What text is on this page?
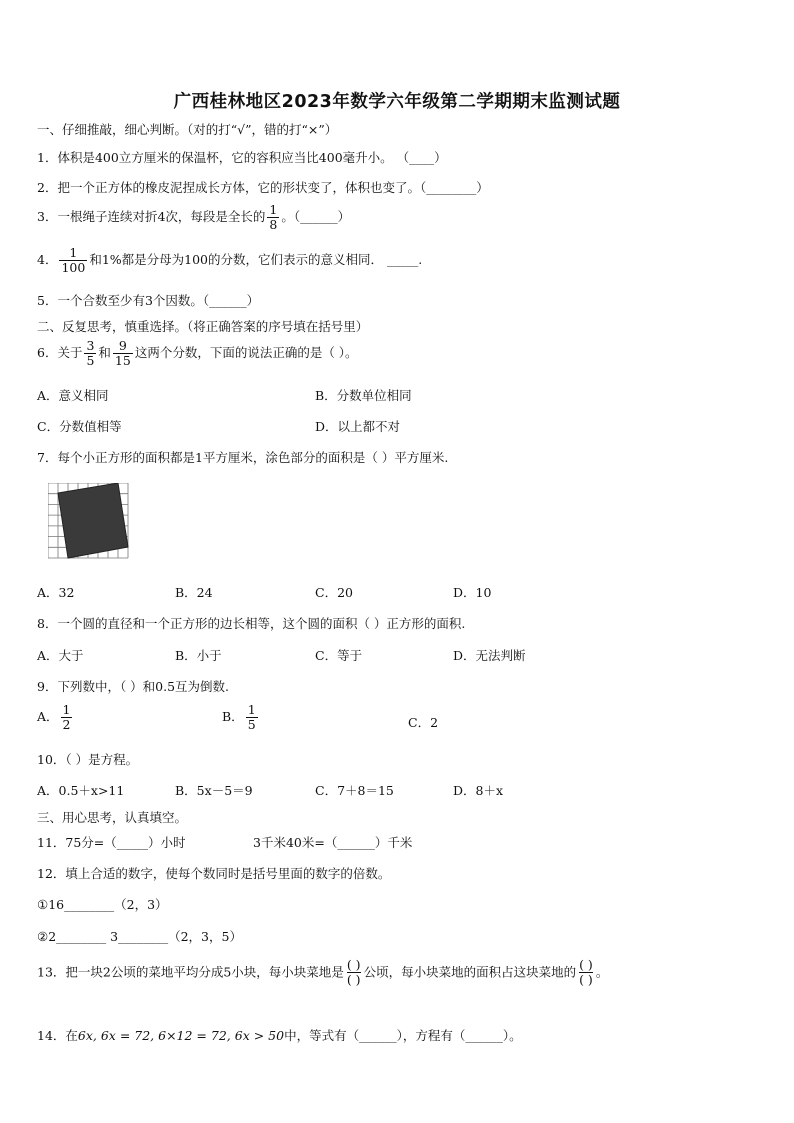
广西桂林地区2023年数学六年级第二学期期末监测试题
一、仔细推敲，细心判断。（对的打“√”，错的打“×”）
1．体积是400立方厘米的保温杯，它的容积应当比400毫升小。 （____）
2．把一个正方体的橡皮泥捏成长方体，它的形状变了，体积也变了。（________）
3．一根绳子连续对折4次，每段是全长的 $\frac{1}{8}$ 。（______）
4． $\frac{1}{100}$ 和1%都是分母为100的分数，它们表示的意义相同． _____.
5．一个合数至少有3个因数。（______）
二、反复思考，慎重选择。（将正确答案的序号填在括号里）
6．关于 $\frac{3}{5}$ 和 $\frac{9}{15}$ 这两个分数，下面的说法正确的是（ ）。
A．意义相同	B．分数单位相同
C．分数值相等	D．以上都不对
7．每个小正方形的面积都是1平方厘米，涂色部分的面积是（ ）平方厘米.
A．32	B．24	C．20	D．10
8．一个圆的直径和一个正方形的边长相等，这个圆的面积（ ）正方形的面积.
A．大于	B．小于	C．等于	D．无法判断
9．下列数中，（ ）和0.5互为倒数.
A． $\frac{1}{2}$	B． $\frac{1}{5}$	C．2
10．（ ）是方程。
A．0.5＋x>11	B．5x－5＝9	C．7＋8＝15	D．8＋x
三、用心思考，认真填空。
11．75分=（_____）小时	3千米40米=（______）千米
12．填上合适的数字，使每个数同时是括号里面的数字的倍数。
①16________（2，3）
②2________ 3________（2，3，5）
13．把一块2公顷的菜地平均分成5小块，每小块菜地是 ( )
( )
公顷，每小块菜地的面积占这块菜地的 ( )
( )
。
14．在6x, 6x = 72, 6×12 = 72, 6x > 50中，等式有（______），方程有（______）。
